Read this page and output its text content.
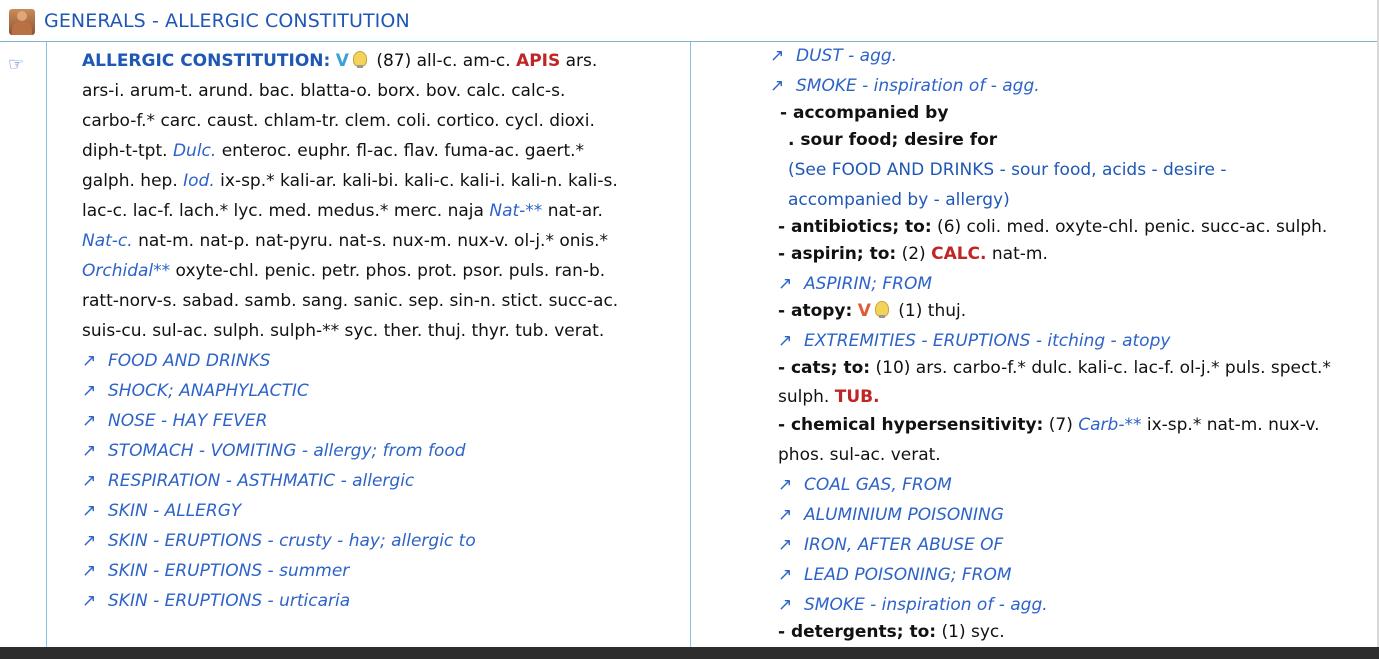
GENERALS - ALLERGIC CONSTITUTION
☞	ALLERGIC CONSTITUTION: V (87) all-c. am-c. APIS ars.
ars-i. arum-t. arund. bac. blatta-o. borx. bov. calc. calc-s.
carbo-f.* carc. caust. chlam-tr. clem. coli. cortico. cycl. dioxi.
diph-t-tpt. Dulc. enteroc. euphr. fl-ac. flav. fuma-ac. gaert.*
galph. hep. Iod. ix-sp.* kali-ar. kali-bi. kali-c. kali-i. kali-n. kali-s.
lac-c. lac-f. lach.* lyc. med. medus.* merc. naja Nat-** nat-ar.
Nat-c. nat-m. nat-p. nat-pyru. nat-s. nux-m. nux-v. ol-j.* onis.*
Orchidal** oxyte-chl. penic. petr. phos. prot. psor. puls. ran-b.
ratt-norv-s. sabad. samb. sang. sanic. sep. sin-n. stict. succ-ac.
suis-cu. sul-ac. sulph. sulph-** syc. ther. thuj. thyr. tub. verat.
↗ FOOD AND DRINKS
↗ SHOCK; ANAPHYLACTIC
↗ NOSE - HAY FEVER
↗ STOMACH - VOMITING - allergy; from food
↗ RESPIRATION - ASTHMATIC - allergic
↗ SKIN - ALLERGY
↗ SKIN - ERUPTIONS - crusty - hay; allergic to
↗ SKIN - ERUPTIONS - summer
↗ SKIN - ERUPTIONS - urticaria
↗ DUST - agg.
↗ SMOKE - inspiration of - agg.
- accompanied by
. sour food; desire for
(See FOOD AND DRINKS - sour food, acids - desire -
accompanied by - allergy)
- antibiotics; to: (6) coli. med. oxyte-chl. penic. succ-ac. sulph.
- aspirin; to: (2) CALC. nat-m.
↗ ASPIRIN; FROM
- atopy: V (1) thuj.
↗ EXTREMITIES - ERUPTIONS - itching - atopy
- cats; to: (10) ars. carbo-f.* dulc. kali-c. lac-f. ol-j.* puls. spect.*
sulph. TUB.
- chemical hypersensitivity: (7) Carb-** ix-sp.* nat-m. nux-v.
phos. sul-ac. verat.
↗ COAL GAS, FROM
↗ ALUMINIUM POISONING
↗ IRON, AFTER ABUSE OF
↗ LEAD POISONING; FROM
↗ SMOKE - inspiration of - agg.
- detergents; to: (1) syc.
